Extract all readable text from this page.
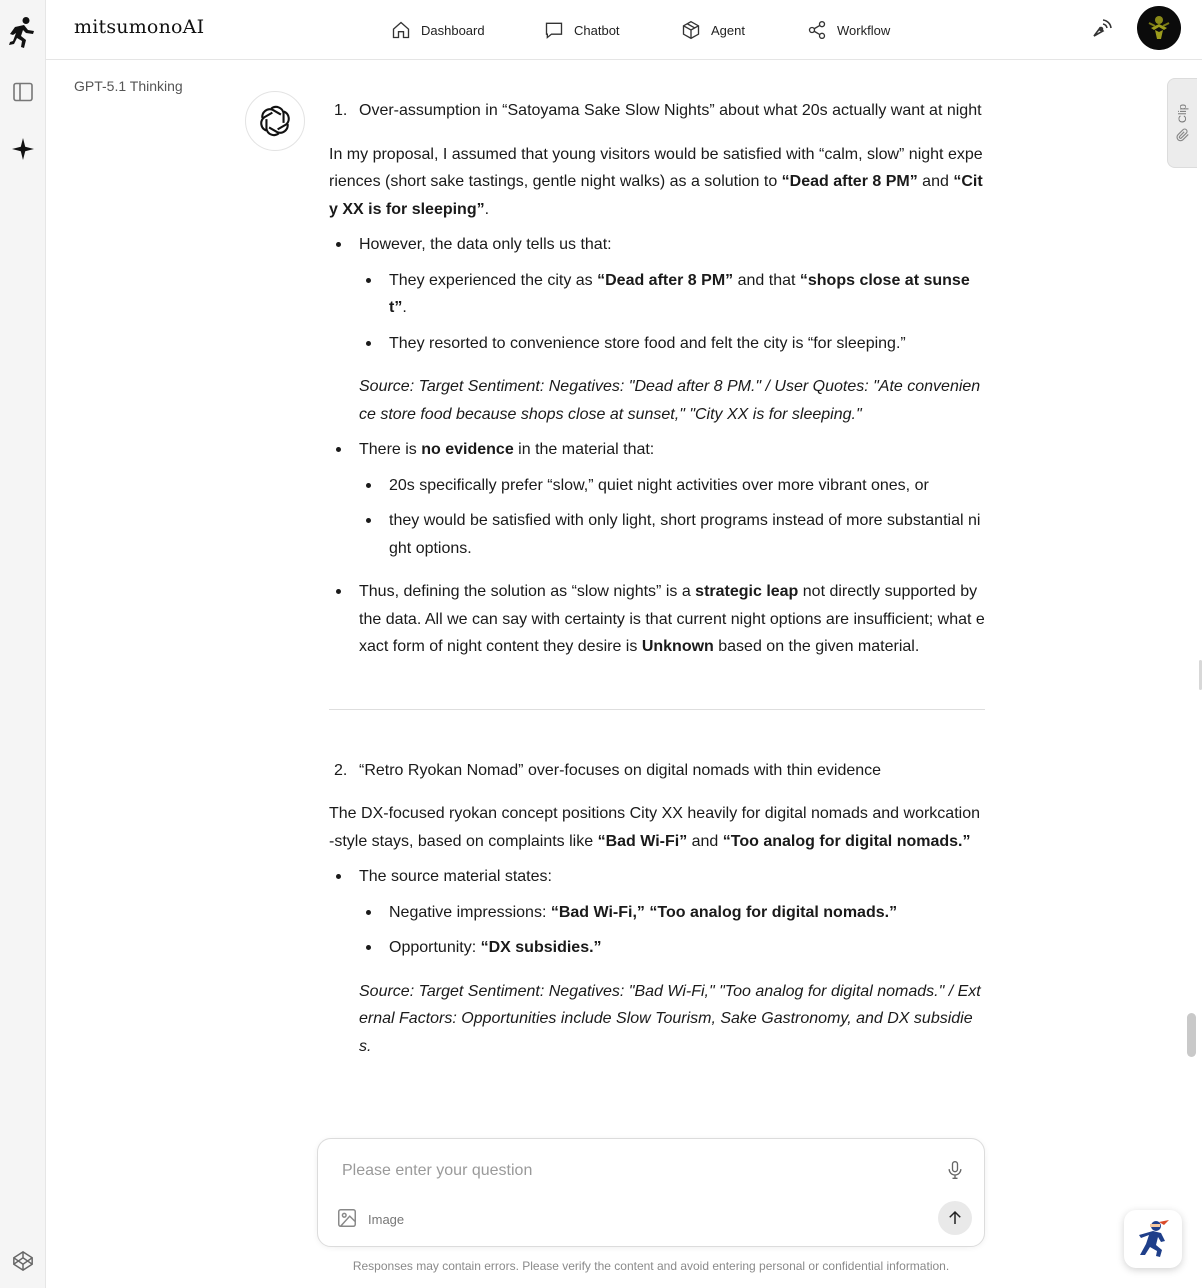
mitsumonoAI	Dashboard	Chatbot	Agent	Workflow
GPT-5.1 Thinking
Clip
1. Over-assumption in “Satoyama Sake Slow Nights” about what 20s actually want at night

In my proposal, I assumed that young visitors would be satisfied with “calm, slow” night experiences (short sake tastings, gentle night walks) as a solution to “Dead after 8 PM” and “City XX is for sleeping”.

However, the data only tells us that:
They experienced the city as “Dead after 8 PM” and that “shops close at sunset”.
They resorted to convenience store food and felt the city is “for sleeping.”

Source: Target Sentiment: Negatives: "Dead after 8 PM." / User Quotes: "Ate convenience store food because shops close at sunset," "City XX is for sleeping."

There is no evidence in the material that:
20s specifically prefer “slow,” quiet night activities over more vibrant ones, or
they would be satisfied with only light, short programs instead of more substantial night options.
Thus, defining the solution as “slow nights” is a strategic leap not directly supported by the data. All we can say with certainty is that current night options are insufficient; what exact form of night content they desire is Unknown based on the given material.
2. “Retro Ryokan Nomad” over-focuses on digital nomads with thin evidence

The DX-focused ryokan concept positions City XX heavily for digital nomads and workcation-style stays, based on complaints like “Bad Wi-Fi” and “Too analog for digital nomads.”

The source material states:
Negative impressions: “Bad Wi-Fi,” “Too analog for digital nomads.”
Opportunity: “DX subsidies.”

Source: Target Sentiment: Negatives: "Bad Wi-Fi," "Too analog for digital nomads." / External Factors: Opportunities include Slow Tourism, Sake Gastronomy, and DX subsidies.

Please enter your question
Image
Responses may contain errors. Please verify the content and avoid entering personal or confidential information.
